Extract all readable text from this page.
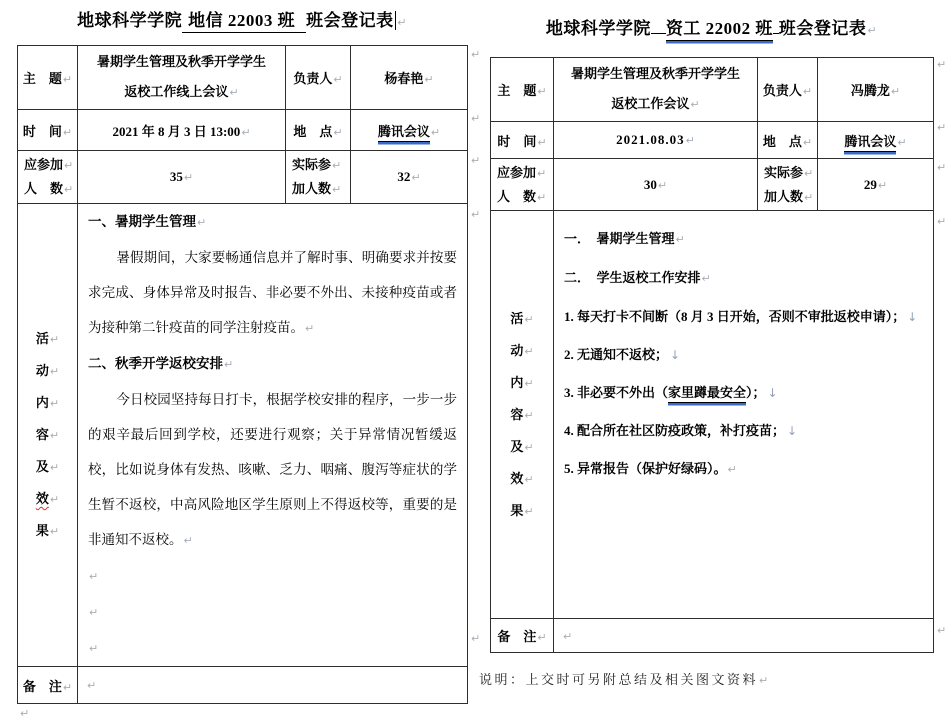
地球科学学院 地信 22003 班 班会登记表 ↵
主　题↵	暑期学生管理及秋季开学学生
返校工作线上会议↵	负责人↵	杨春艳↵
时　间↵	2021 年 8 月 3 日 13:00↵	地　点↵	腾讯会议↵

应参加↵
人　数↵
	35↵	
实际参↵
加人数↵
	32↵

活↵
动↵
内↵
容↵
及↵
效↵
果↵

一、暑期学生管理↵

暑假期间，大家要畅通信息并了解时事、明确要求并按要求完成、身体异常及时报告、非必要不外出、未接种疫苗或者为接种第二针疫苗的同学注射疫苗。↵

二、秋季开学返校安排↵

今日校园坚持每日打卡，根据学校安排的程序，一步一步的艰辛最后回到学校，还要进行观察；关于异常情况暂缓返校，比如说身体有发热、咳嗽、乏力、咽痛、腹泻等症状的学生暂不返校，中高风险地区学生原则上不得返校等，重要的是非通知不返校。↵

↵
↵
↵

备　注↵	↵		
↵
地球科学学院 资工 22002 班 班会登记表↵
主　题↵	暑期学生管理及秋季开学学生
返校工作会议↵	负责人↵	冯腾龙↵
时　间↵	2021.08.03↵	地　点↵	腾讯会议↵

应参加↵
人　数↵
	30↵	
实际参↵
加人数↵
	29↵

活↵
动↵
内↵
容↵
及↵
效↵
果↵

一．　暑期学生管理↵
二．　学生返校工作安排↵
1. 每天打卡不间断（8 月 3 日开始，否则不审批返校申请）； ↓
2. 无通知不返校； ↓
3. 非必要不外出（家里蹲最安全）； ↓
4. 配合所在社区防疫政策，补打疫苗； ↓
5. 异常报告（保护好绿码）。↵

备　注↵	↵		
说明：上交时可另附总结及相关图文资料↵
↵
↵
↵
↵
↵
↵
↵
↵
↵
↵
